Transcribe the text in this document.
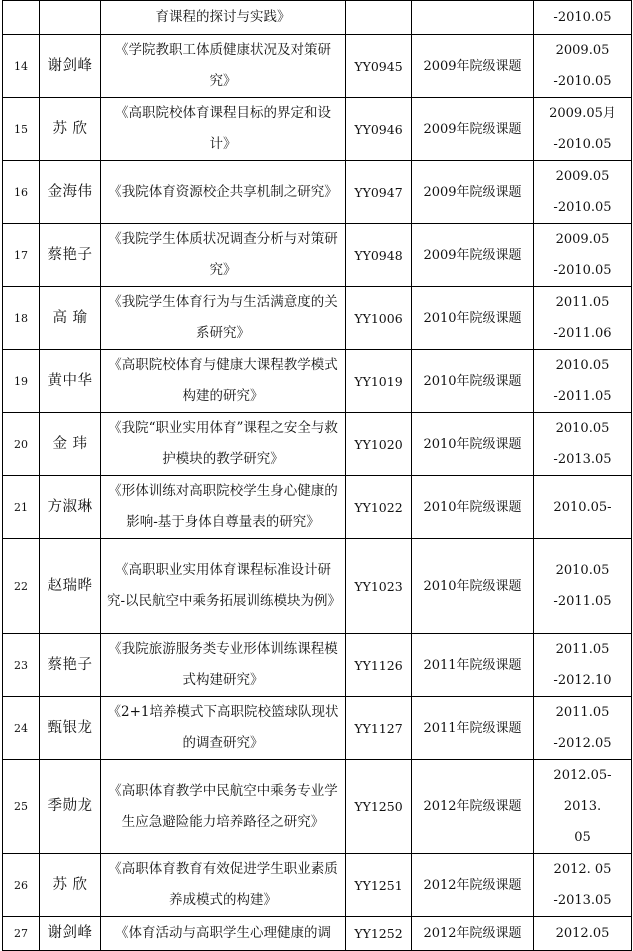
		育课程的探讨与实践》			-2010.05

14	谢剑峰	《学院教职工体质健康状况及对策研究》	YY0945	2009年院级课题	2009.05
-2010.05

15	苏 欣	《高职院校体育课程目标的界定和设计》	YY0946	2009年院级课题	2009.05月
-2010.05

16	金海伟	《我院体育资源校企共享机制之研究》	YY0947	2009年院级课题	2009.05
-2010.05

17	蔡艳子	《我院学生体质状况调查分析与对策研究》	YY0948	2009年院级课题	2009.05
-2010.05

18	高 瑜	《我院学生体育行为与生活满意度的关系研究》	YY1006	2010年院级课题	2011.05
-2011.06

19	黄中华	《高职院校体育与健康大课程教学模式构建的研究》	YY1019	2010年院级课题	2010.05
-2011.05

20	金 玮	《我院“职业实用体育”课程之安全与救护模块的教学研究》	YY1020	2010年院级课题	2010.05
-2013.05

21	方淑琳	《形体训练对高职院校学生身心健康的影响-基于身体自尊量表的研究》	YY1022	2010年院级课题	2010.05-

22	赵瑞晔	《高职职业实用体育课程标准设计研究-以民航空中乘务拓展训练模块为例》	YY1023	2010年院级课题	2010.05
-2011.05

23	蔡艳子	《我院旅游服务类专业形体训练课程模式构建研究》	YY1126	2011年院级课题	2011.05
-2012.10

24	甄银龙	《2+1培养模式下高职院校篮球队现状的调查研究》	YY1127	2011年院级课题	2011.05
-2012.05

25	季勋龙	《高职体育教学中民航空中乘务专业学生应急避险能力培养路径之研究》	YY1250	2012年院级课题	2012.05-2013.
05

26	苏 欣	《高职体育教育有效促进学生职业素质养成模式的构建》	YY1251	2012年院级课题	2012. 05
-2013.05

27	谢剑峰	《体育活动与高职学生心理健康的调	YY1252	2012年院级课题	2012.05
